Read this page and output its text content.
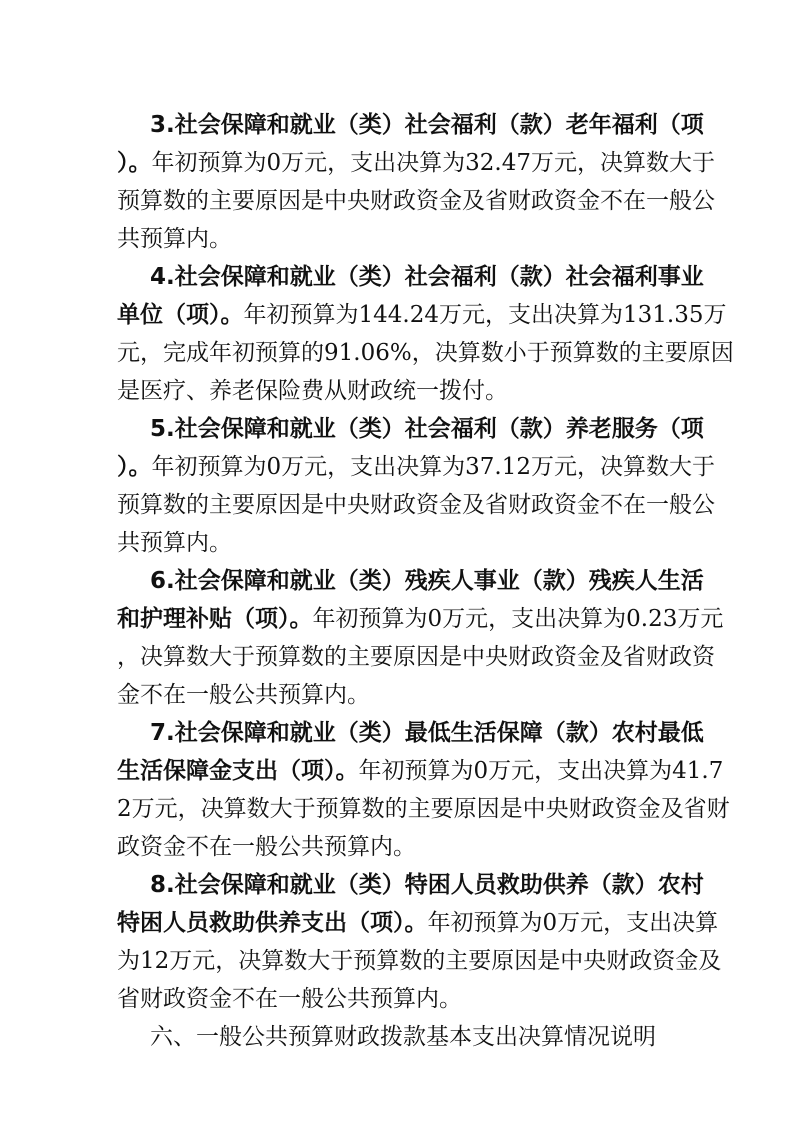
3.社会保障和就业（类）社会福利（款）老年福利（项
）。年初预算为0万元，支出决算为32.47万元，决算数大于
预算数的主要原因是中央财政资金及省财政资金不在一般公
共预算内。
4.社会保障和就业（类）社会福利（款）社会福利事业
单位（项）。年初预算为144.24万元，支出决算为131.35万
元，完成年初预算的91.06%，决算数小于预算数的主要原因
是医疗、养老保险费从财政统一拨付。
5.社会保障和就业（类）社会福利（款）养老服务（项
）。年初预算为0万元，支出决算为37.12万元，决算数大于
预算数的主要原因是中央财政资金及省财政资金不在一般公
共预算内。
6.社会保障和就业（类）残疾人事业（款）残疾人生活
和护理补贴（项）。年初预算为0万元，支出决算为0.23万元
，决算数大于预算数的主要原因是中央财政资金及省财政资
金不在一般公共预算内。
7.社会保障和就业（类）最低生活保障（款）农村最低
生活保障金支出（项）。年初预算为0万元，支出决算为41.7
2万元，决算数大于预算数的主要原因是中央财政资金及省财
政资金不在一般公共预算内。
8.社会保障和就业（类）特困人员救助供养（款）农村
特困人员救助供养支出（项）。年初预算为0万元，支出决算
为12万元，决算数大于预算数的主要原因是中央财政资金及
省财政资金不在一般公共预算内。
六、一般公共预算财政拨款基本支出决算情况说明
